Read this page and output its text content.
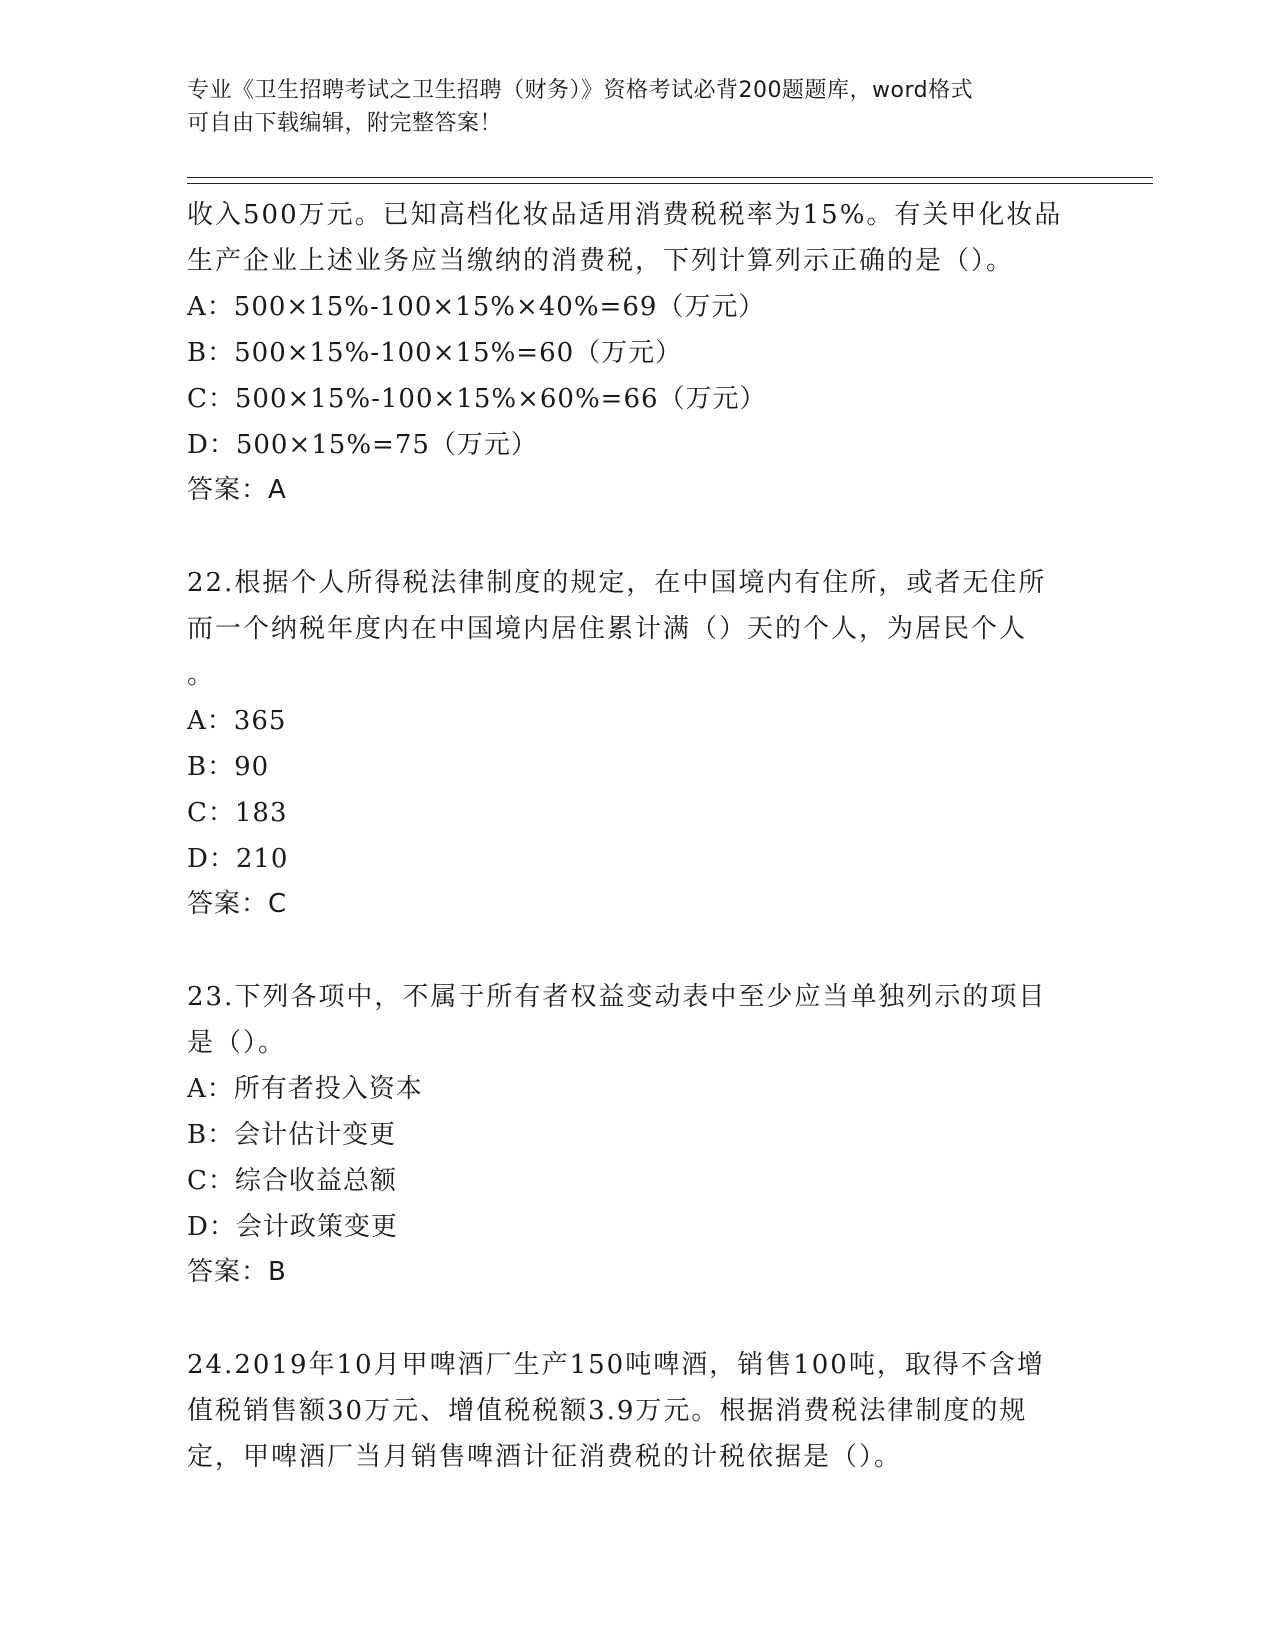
专业《卫生招聘考试之卫生招聘（财务）》资格考试必背200题题库，word格式
可自由下载编辑，附完整答案！
收入500万元。已知高档化妆品适用消费税税率为15%。有关甲化妆品
生产企业上述业务应当缴纳的消费税，下列计算列示正确的是（）。
A：500×15%-100×15%×40%=69（万元）
B：500×15%-100×15%=60（万元）
C：500×15%-100×15%×60%=66（万元）
D：500×15%=75（万元）
答案：A
22.根据个人所得税法律制度的规定，在中国境内有住所，或者无住所
而一个纳税年度内在中国境内居住累计满（）天的个人，为居民个人
。
A：365
B：90
C：183
D：210
答案：C
23.下列各项中，不属于所有者权益变动表中至少应当单独列示的项目
是（）。
A：所有者投入资本
B：会计估计变更
C：综合收益总额
D：会计政策变更
答案：B
24.2019年10月甲啤酒厂生产150吨啤酒，销售100吨，取得不含增
值税销售额30万元、增值税税额3.9万元。根据消费税法律制度的规
定，甲啤酒厂当月销售啤酒计征消费税的计税依据是（）。
